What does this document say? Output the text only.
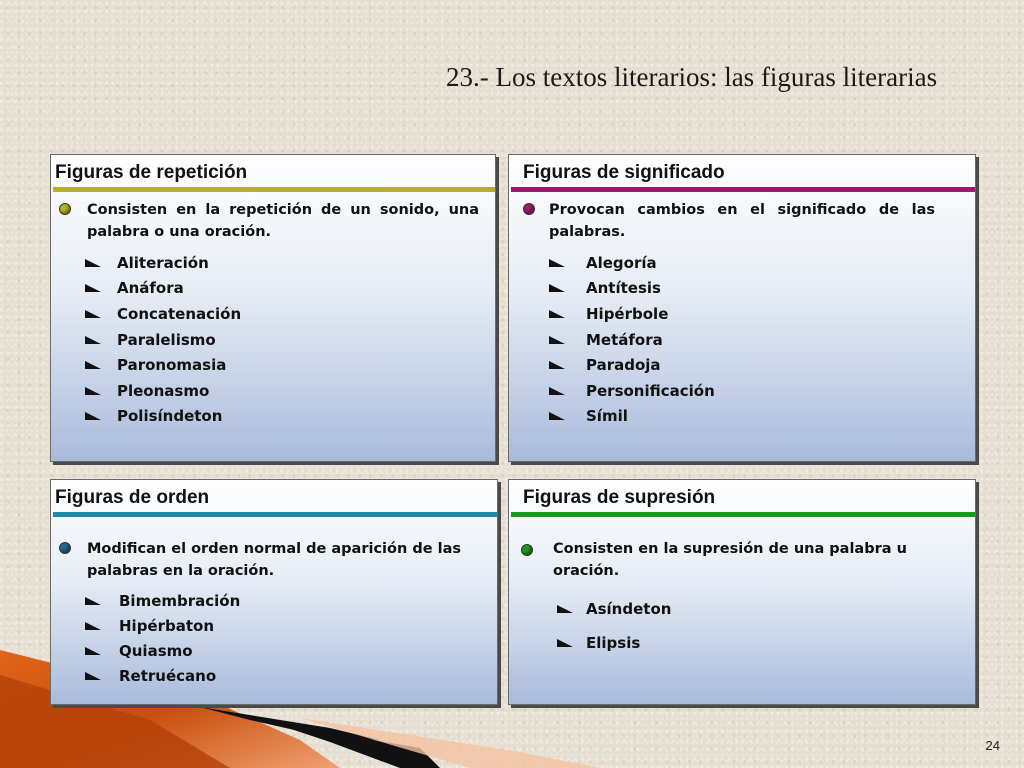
23.- Los textos literarios: las figuras literarias
Figuras de repetición
Consisten en la repetición de un sonido, una palabra o una oración.
Aliteración
Anáfora
Concatenación
Paralelismo
Paronomasia
Pleonasmo
Polisíndeton
Figuras de significado
Provocan cambios en el significado de las palabras.
Alegoría
Antítesis
Hipérbole
Metáfora
Paradoja
Personificación
Símil
Figuras de orden
Modifican el orden normal de aparición de las palabras en la oración.
Bimembración
Hipérbaton
Quiasmo
Retruécano
Figuras de supresión
Consisten en la supresión de una palabra u oración.
Asíndeton
Elipsis
24
